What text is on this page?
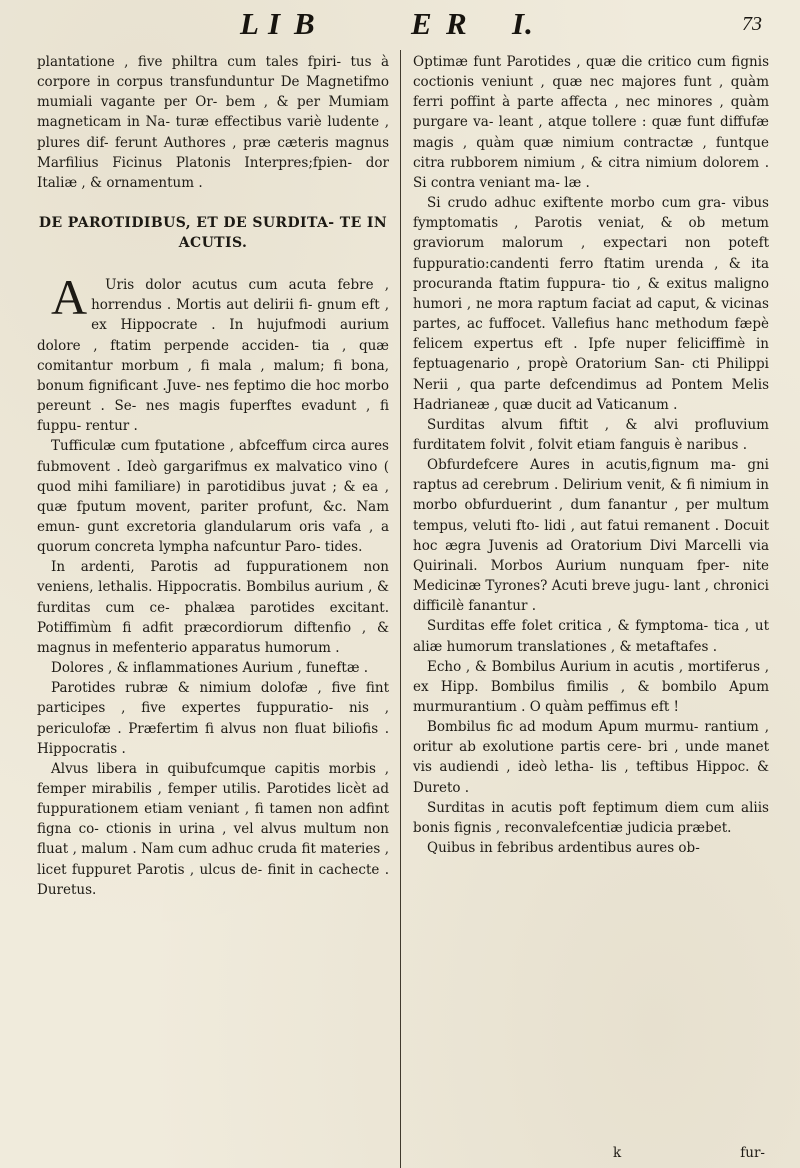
L I B	E R I.	73

plantatione , five philtra cum tales fpiri- tus à corpore in corpus transfunduntur De Magnetifmo mumiali vagante per Or- bem , & per Mumiam magneticam in Na- turæ effectibus variè ludente , plures dif- ferunt Authores , præ cæteris magnus Marfilius Ficinus Platonis Interpres;fpien- dor Italiæ , & ornamentum .

DE PAROTIDIBUS, ET DE SURDITA- TE IN ACUTIS.

A Uris dolor acutus cum acuta febre , horrendus . Mortis aut delirii fi- gnum eft , ex Hippocrate . In hujufmodi aurium dolore , ftatim perpende acciden- tia , quæ comitantur morbum , fi mala , malum; fi bona, bonum fignificant .Juve- nes feptimo die hoc morbo pereunt . Se- nes magis fuperftes evadunt , fi fuppu- rentur .

Tufficulæ cum fputatione , abfceffum circa aures fubmovent . Ideò gargarifmus ex malvatico vino ( quod mihi familiare) in parotidibus juvat ; & ea , quæ fputum movent, pariter profunt, &c. Nam emun- gunt excretoria glandularum oris vafa , a quorum concreta lympha nafcuntur Paro- tides.

In ardenti, Parotis ad fuppurationem non veniens, lethalis. Hippocratis. Bombilus aurium , & furditas cum ce- phalæa parotides excitant. Potiffimùm fi adfit præcordiorum diftenfio , & magnus in mefenterio apparatus humorum .

Dolores , & inflammationes Aurium , funeftæ .

Parotides rubræ & nimium dolofæ , five fint participes , five expertes fuppuratio- nis , periculofæ . Præfertim fi alvus non fluat biliofis . Hippocratis .

Alvus libera in quibufcumque capitis morbis , femper mirabilis , femper utilis. Parotides licèt ad fuppurationem etiam veniant , fi tamen non adfint figna co- ctionis in urina , vel alvus multum non fluat , malum . Nam cum adhuc cruda fit materies , licet fuppuret Parotis , ulcus de- finit in cachecte . Duretus.

Optimæ funt Parotides , quæ die critico cum fignis coctionis veniunt , quæ nec majores funt , quàm ferri poffint à parte affecta , nec minores , quàm purgare va- leant , atque tollere : quæ funt diffufæ magis , quàm quæ nimium contractæ , funtque citra rubborem nimium , & citra nimium dolorem . Si contra veniant ma- læ .

Si crudo adhuc exiftente morbo cum gra- vibus fymptomatis , Parotis veniat, & ob metum graviorum malorum , expectari non poteft fuppuratio:candenti ferro ftatim urenda , & ita procuranda ftatim fuppura- tio , & exitus maligno humori , ne mora raptum faciat ad caput, & vicinas partes, ac fuffocet. Vallefius hanc methodum fæpè felicem expertus eft . Ipfe nuper feliciffimè in feptuagenario , propè Oratorium San- cti Philippi Nerii , qua parte defcendimus ad Pontem Melis Hadrianeæ , quæ ducit ad Vaticanum .

Surditas alvum fiftit , & alvi profluvium furditatem folvit , folvit etiam fanguis è naribus .

Obfurdefcere Aures in acutis,fignum ma- gni raptus ad cerebrum . Delirium venit, & fi nimium in morbo obfurduerint , dum fanantur , per multum tempus, veluti fto- lidi , aut fatui remanent . Docuit hoc ægra Juvenis ad Oratorium Divi Marcelli via Quirinali. Morbos Aurium nunquam fper- nite Medicinæ Tyrones? Acuti breve jugu- lant , chronici difficilè fanantur .

Surditas effe folet critica , & fymptoma- tica , ut aliæ humorum translationes , & metaftafes .

Echo , & Bombilus Aurium in acutis , mortiferus , ex Hipp. Bombilus fimilis , & bombilo Apum murmurantium . O quàm peffimus eft !

Bombilus fic ad modum Apum murmu- rantium , oritur ab exolutione partis cere- bri , unde manet vis audiendi , ideò letha- lis , teftibus Hippoc. & Dureto .

Surditas in acutis poft feptimum diem cum aliis bonis fignis , reconvalefcentiæ judicia præbet.

Quibus in febribus ardentibus aures ob-

k	fur-
